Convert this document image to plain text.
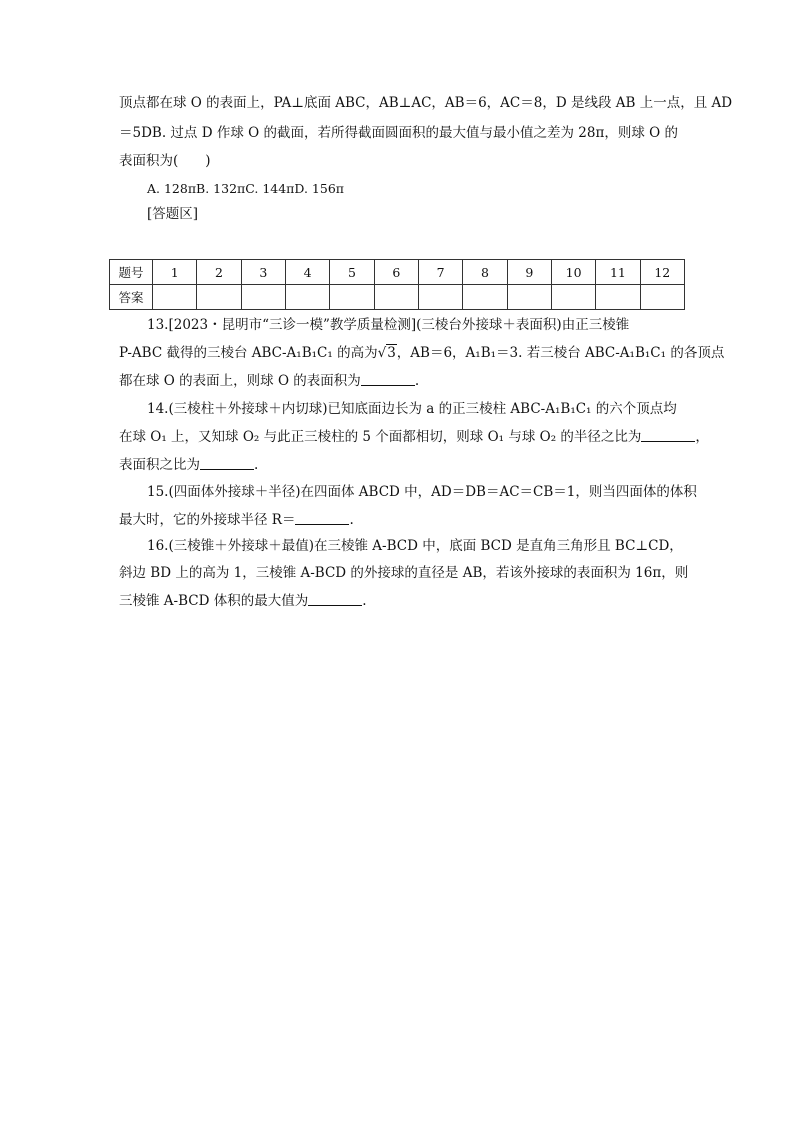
顶点都在球 O 的表面上，PA⊥底面 ABC，AB⊥AC，AB＝6，AC＝8，D 是线段 AB 上一点，且 AD
＝5DB. 过点 D 作球 O 的截面，若所得截面圆面积的最大值与最小值之差为 28π，则球 O 的
表面积为(　　)
A. 128πB. 132πC. 144πD. 156π
[答题区]
题号	1	2	3	4	5	6	7	8	9	10	11	12
答案												
13.[2023・昆明市“三诊一模”教学质量检测](三棱台外接球＋表面积)由正三棱锥
P-ABC 截得的三棱台 ABC-A₁B₁C₁ 的高为√3，AB＝6，A₁B₁＝3. 若三棱台 ABC-A₁B₁C₁ 的各顶点
都在球 O 的表面上，则球 O 的表面积为	.
14.(三棱柱＋外接球＋内切球)已知底面边长为 a 的正三棱柱 ABC-A₁B₁C₁ 的六个顶点均
在球 O₁ 上，又知球 O₂ 与此正三棱柱的 5 个面都相切，则球 O₁ 与球 O₂ 的半径之比为	，
表面积之比为	.
15.(四面体外接球＋半径)在四面体 ABCD 中，AD＝DB＝AC＝CB＝1，则当四面体的体积
最大时，它的外接球半径 R＝	.
16.(三棱锥＋外接球＋最值)在三棱锥 A-BCD 中，底面 BCD 是直角三角形且 BC⊥CD，
斜边 BD 上的高为 1，三棱锥 A-BCD 的外接球的直径是 AB，若该外接球的表面积为 16π，则
三棱锥 A-BCD 体积的最大值为	.
